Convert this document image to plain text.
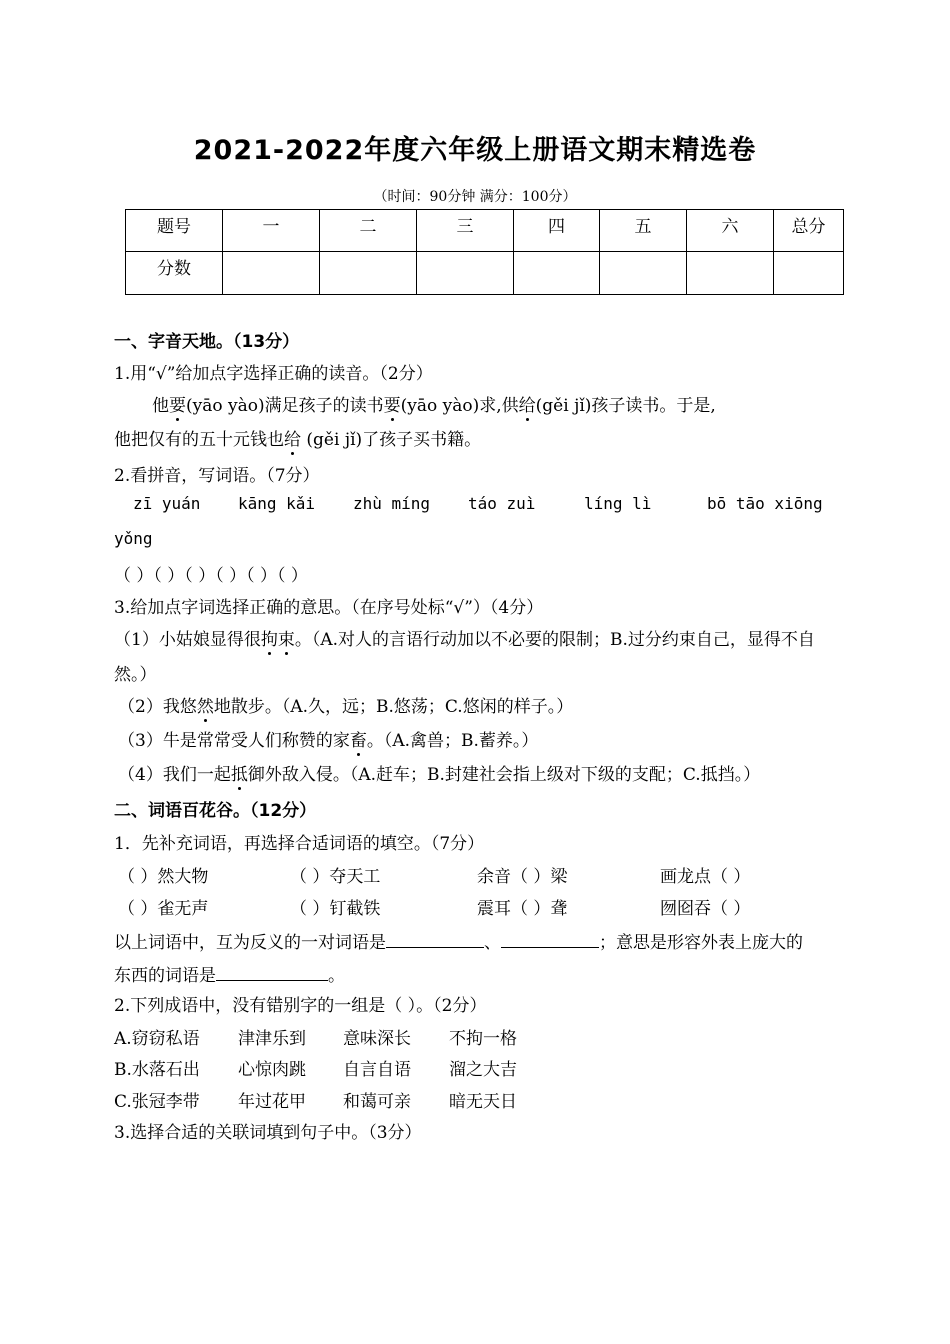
2021-2022年度六年级上册语文期末精选卷
（时间：90分钟 满分：100分）
题号	一	二	三	四	五	六	总分
分数							
一、字音天地。（13分）
1.用“√”给加点字选择正确的读音。（2分）
他要(yāo yào)满足孩子的读书要(yāo yào)求,供给(gěi jǐ)孩子读书。于是,
他把仅有的五十元钱也给 (gěi jǐ)了孩子买书籍。
2.看拼音，写词语。（7分）
zī yuán kāng kǎi zhù míng táo zuì	líng lì	bō tāo xiōng
yǒng
（ ）（ ）（ ）（ ）（ ）（ ）
3.给加点字词选择正确的意思。（在序号处标“√”）（4分）
（1）小姑娘显得很拘束。（A.对人的言语行动加以不必要的限制；B.过分约束自己，显得不自
然。）
（2）我悠然地散步。（A.久，远；B.悠荡；C.悠闲的样子。）
（3）牛是常常受人们称赞的家畜。（A.禽兽；B.蓄养。）
（4）我们一起抵御外敌入侵。（A.赶车；B.封建社会指上级对下级的支配；C.抵挡。）
二、词语百花谷。（12分）
1．先补充词语，再选择合适词语的填空。（7分）
（ ）然大物	（ ）夺天工	余音（ ）梁	画龙点（ ）
（ ）雀无声	（ ）钉截铁	震耳（ ）聋	囫囵吞（ ）
以上词语中，互为反义的一对词语是	、	；意思是形容外表上庞大的
东西的词语是	。
2.下列成语中，没有错别字的一组是（ ）。（2分）
A.窃窃私语 津津乐到 意味深长 不拘一格
B.水落石出 心惊肉跳 自言自语 溜之大吉
C.张冠李带 年过花甲 和蔼可亲 暗无天日
3.选择合适的关联词填到句子中。（3分）
